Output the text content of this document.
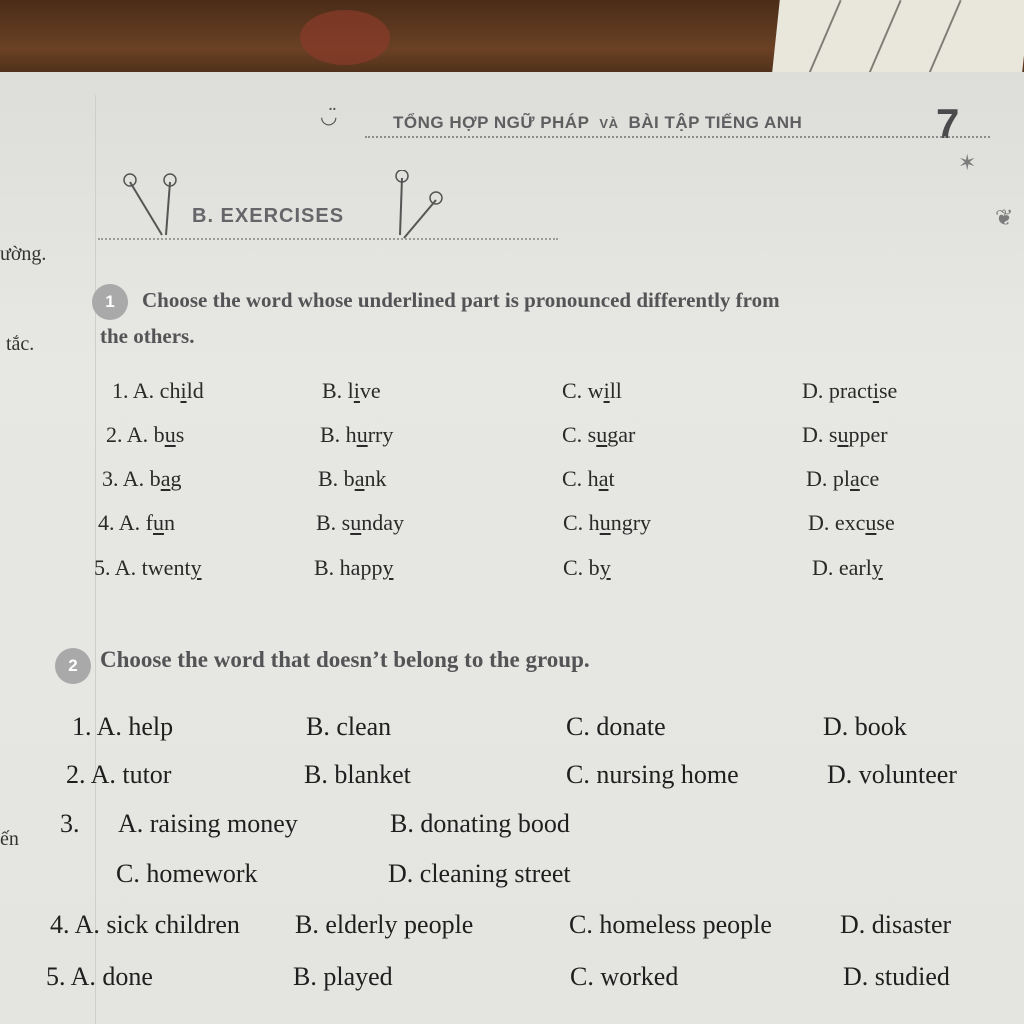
◡̈	TỔNG HỢP NGỮ PHÁP VÀ BÀI TẬP TIẾNG ANH	7
✶
❦
B. EXERCISES
ường.
tắc.
ến
1	Choose the word whose underlined part is pronounced differently from
the others.
1. A. child	B. live	C. will	D. practise
2. A. bus	B. hurry	C. sugar	D. supper
3. A. bag	B. bank	C. hat	D. place
4. A. fun	B. sunday	C. hungry	D. excuse
5. A. twenty	B. happy	C. by	D. early
2 Choose the word that doesn’t belong to the group.
1. A. help	B. clean	C. donate	D. book
2. A. tutor	B. blanket	C. nursing home	D. volunteer
3. A. raising money	B. donating bood
C. homework	D. cleaning street
4. A. sick children B. elderly people	C. homeless people	D. disaster
5. A. done	B. played	C. worked	D. studied
